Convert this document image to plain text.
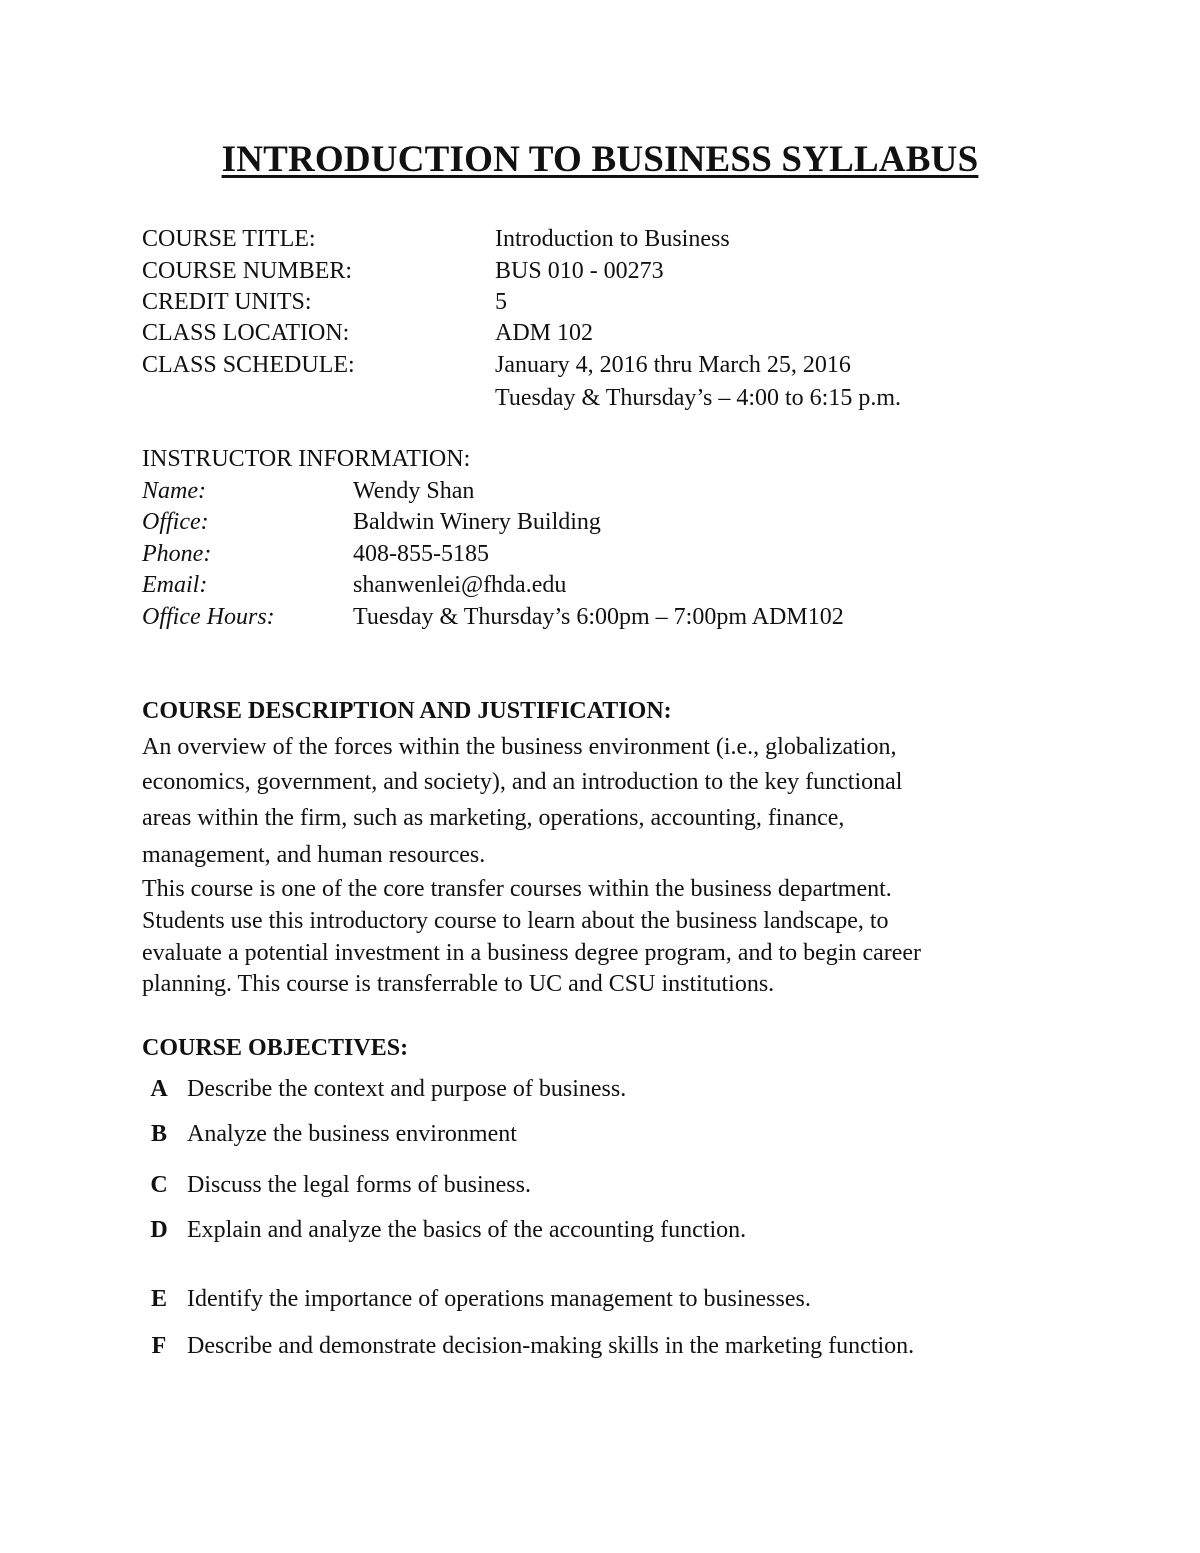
INTRODUCTION TO BUSINESS SYLLABUS
COURSE TITLE:	Introduction to Business
COURSE NUMBER:	BUS 010 - 00273
CREDIT UNITS:	5
CLASS LOCATION:	ADM 102
CLASS SCHEDULE:	January 4, 2016 thru March 25, 2016
Tuesday & Thursday’s – 4:00 to 6:15 p.m.
INSTRUCTOR INFORMATION:
Name:	Wendy Shan
Office:	Baldwin Winery Building
Phone:	408-855-5185
Email:	shanwenlei@fhda.edu
Office Hours:	Tuesday & Thursday’s 6:00pm – 7:00pm ADM102
COURSE DESCRIPTION AND JUSTIFICATION:
An overview of the forces within the business environment (i.e., globalization,
economics, government, and society), and an introduction to the key functional
areas within the firm, such as marketing, operations, accounting, finance,
management, and human resources.
This course is one of the core transfer courses within the business department.
Students use this introductory course to learn about the business landscape, to
evaluate a potential investment in a business degree program, and to begin career
planning. This course is transferrable to UC and CSU institutions.
COURSE OBJECTIVES:
A Describe the context and purpose of business.
B Analyze the business environment
C Discuss the legal forms of business.
D Explain and analyze the basics of the accounting function.
E Identify the importance of operations management to businesses.
F Describe and demonstrate decision-making skills in the marketing function.
